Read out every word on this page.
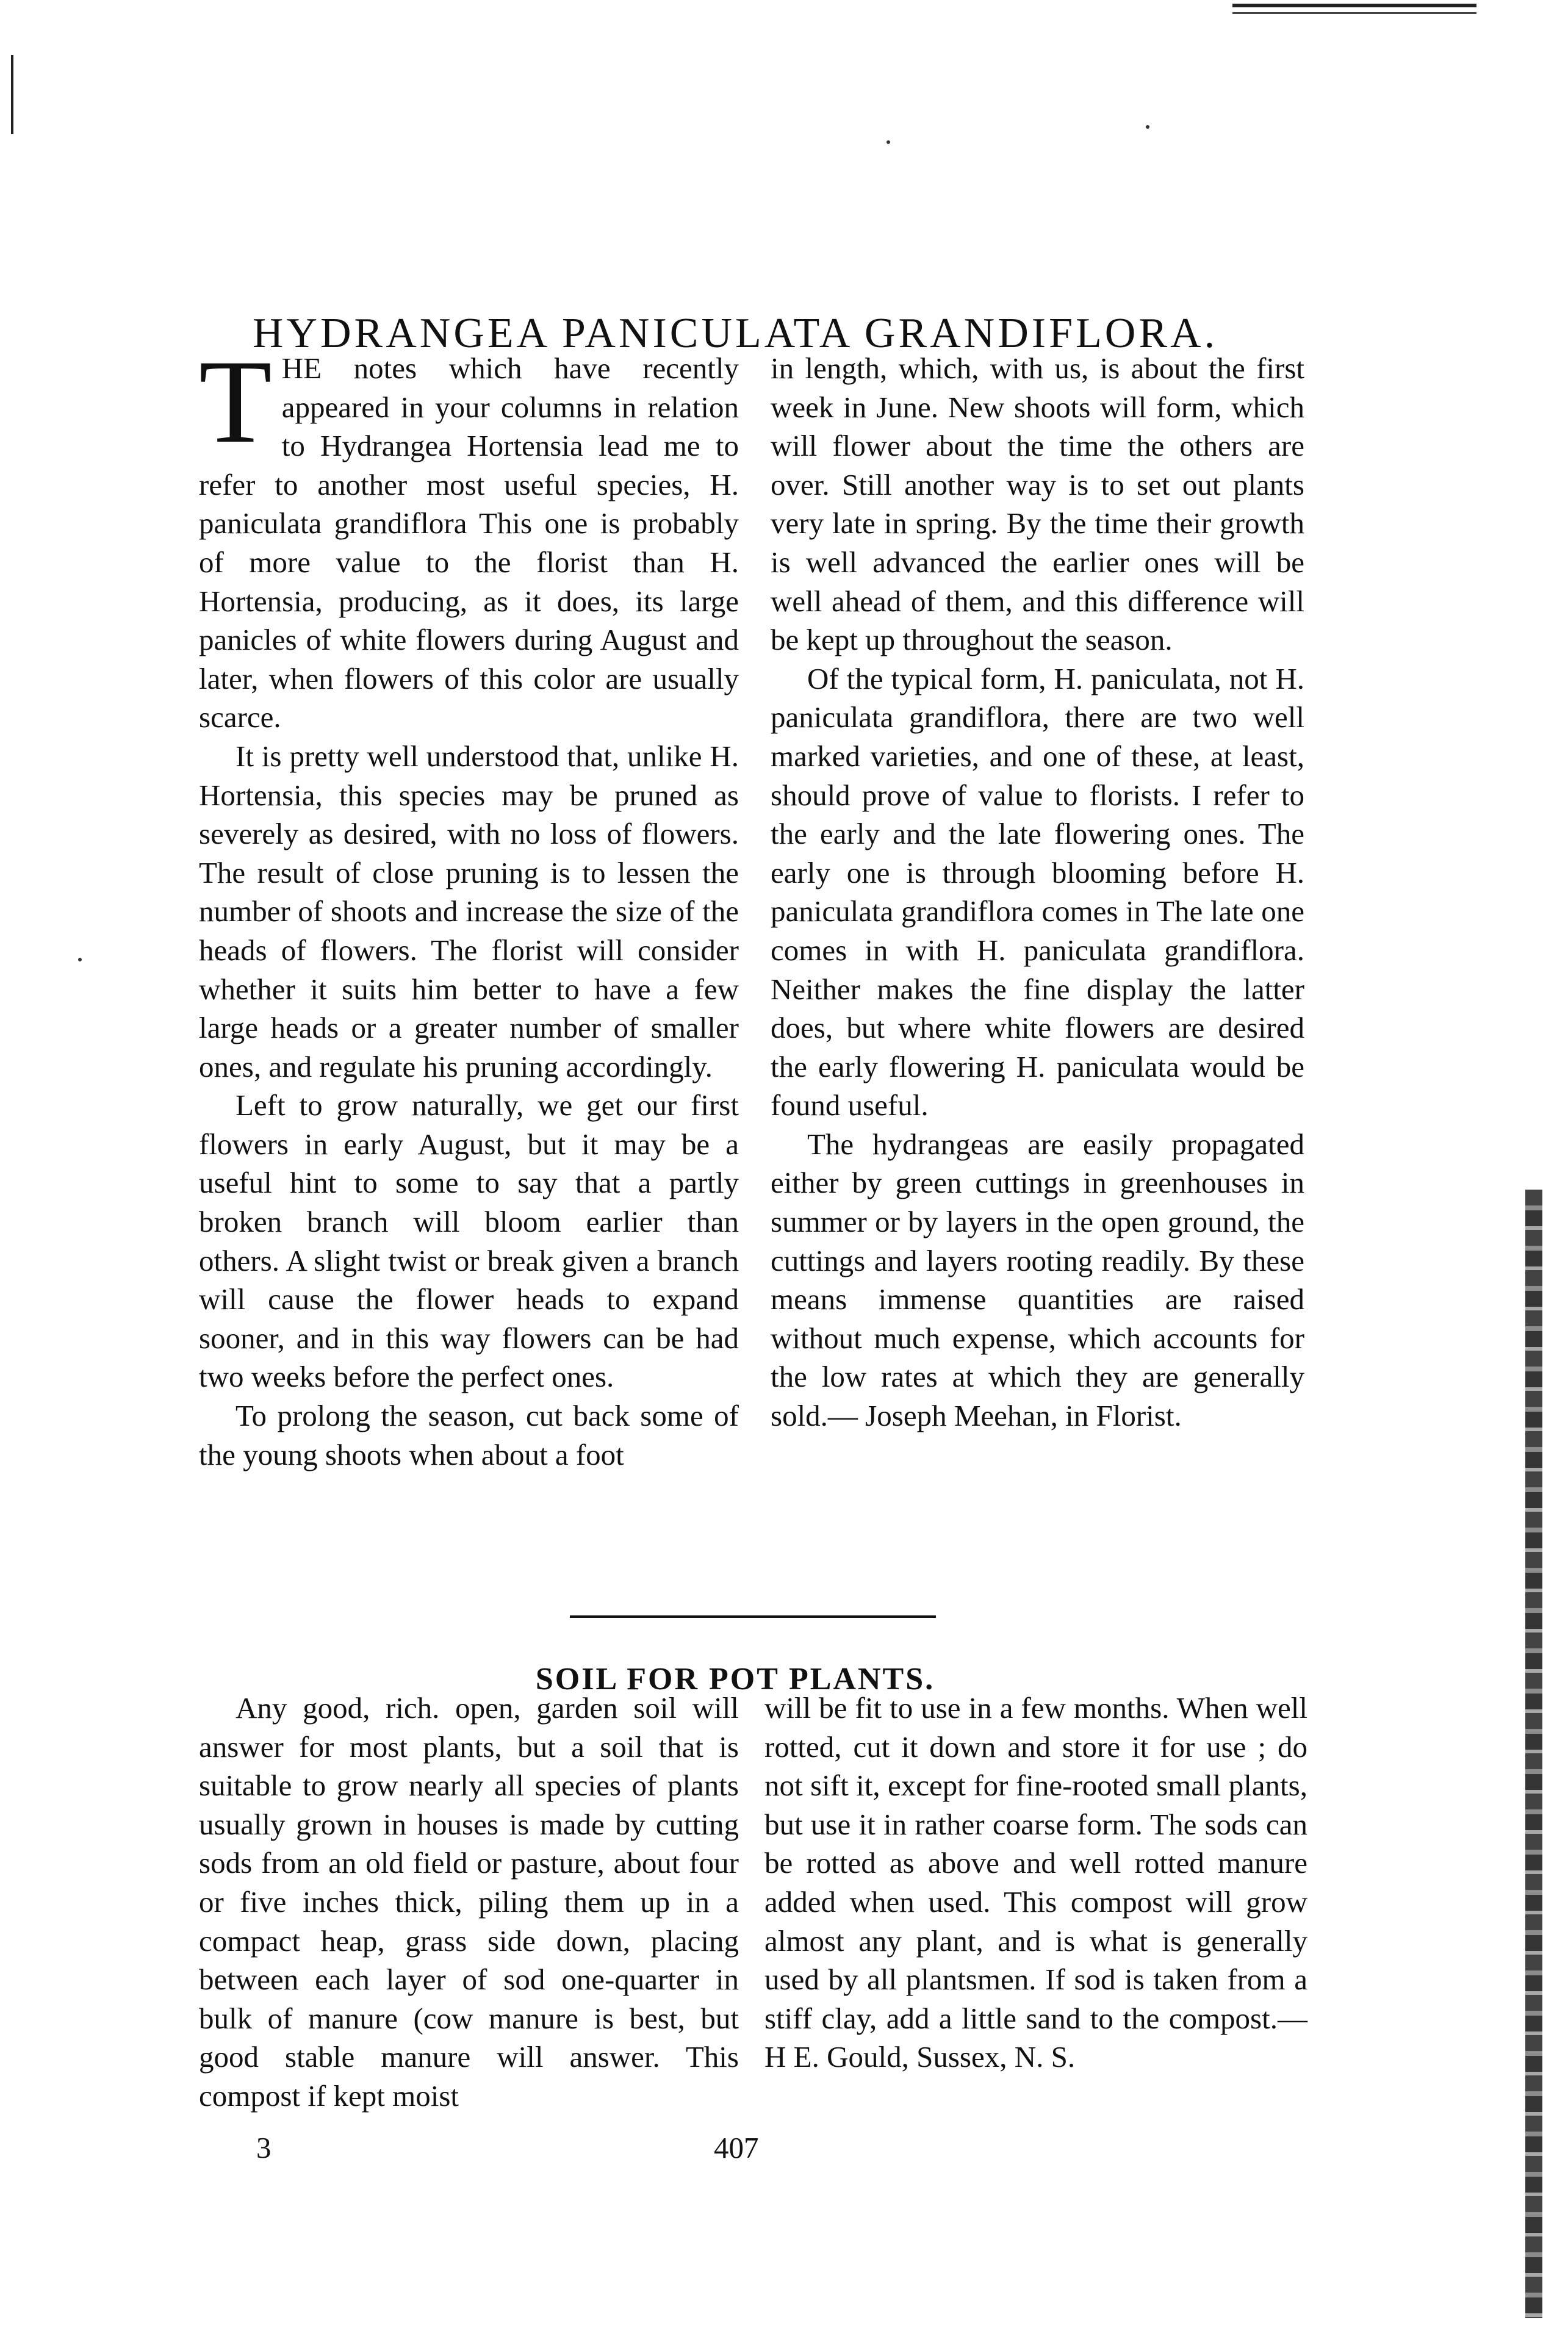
HYDRANGEA PANICULATA GRANDIFLORA.

THE notes which have recently appeared in your columns in relation to Hydrangea Hortensia lead me to refer to another most useful species, H. paniculata grandiflora This one is probably of more value to the florist than H. Hortensia, producing, as it does, its large panicles of white flowers during August and later, when flowers of this color are usually scarce.

It is pretty well understood that, unlike H. Hortensia, this species may be pruned as severely as desired, with no loss of flowers. The result of close pruning is to lessen the number of shoots and increase the size of the heads of flowers. The florist will consider whether it suits him better to have a few large heads or a greater number of smaller ones, and regulate his pruning accordingly.

Left to grow naturally, we get our first flowers in early August, but it may be a useful hint to some to say that a partly broken branch will bloom earlier than others. A slight twist or break given a branch will cause the flower heads to expand sooner, and in this way flowers can be had two weeks before the perfect ones.

To prolong the season, cut back some of the young shoots when about a foot

in length, which, with us, is about the first week in June. New shoots will form, which will flower about the time the others are over. Still another way is to set out plants very late in spring. By the time their growth is well advanced the earlier ones will be well ahead of them, and this difference will be kept up throughout the season.

Of the typical form, H. paniculata, not H. paniculata grandiflora, there are two well marked varieties, and one of these, at least, should prove of value to florists. I refer to the early and the late flowering ones. The early one is through blooming before H. paniculata grandiflora comes in The late one comes in with H. paniculata grandiflora. Neither makes the fine display the latter does, but where white flowers are desired the early flowering H. paniculata would be found useful.

The hydrangeas are easily propagated either by green cuttings in greenhouses in summer or by layers in the open ground, the cuttings and layers rooting readily. By these means immense quantities are raised without much expense, which accounts for the low rates at which they are generally sold.— Joseph Meehan, in Florist.

SOIL FOR POT PLANTS.

Any good, rich. open, garden soil will answer for most plants, but a soil that is suitable to grow nearly all species of plants usually grown in houses is made by cutting sods from an old field or pasture, about four or five inches thick, piling them up in a compact heap, grass side down, placing between each layer of sod one-quarter in bulk of manure (cow manure is best, but good stable manure will answer. This compost if kept moist

will be fit to use in a few months. When well rotted, cut it down and store it for use ; do not sift it, except for fine-rooted small plants, but use it in rather coarse form. The sods can be rotted as above and well rotted manure added when used. This compost will grow almost any plant, and is what is generally used by all plantsmen. If sod is taken from a stiff clay, add a little sand to the compost.—H E. Gould, Sussex, N. S.

3	407
